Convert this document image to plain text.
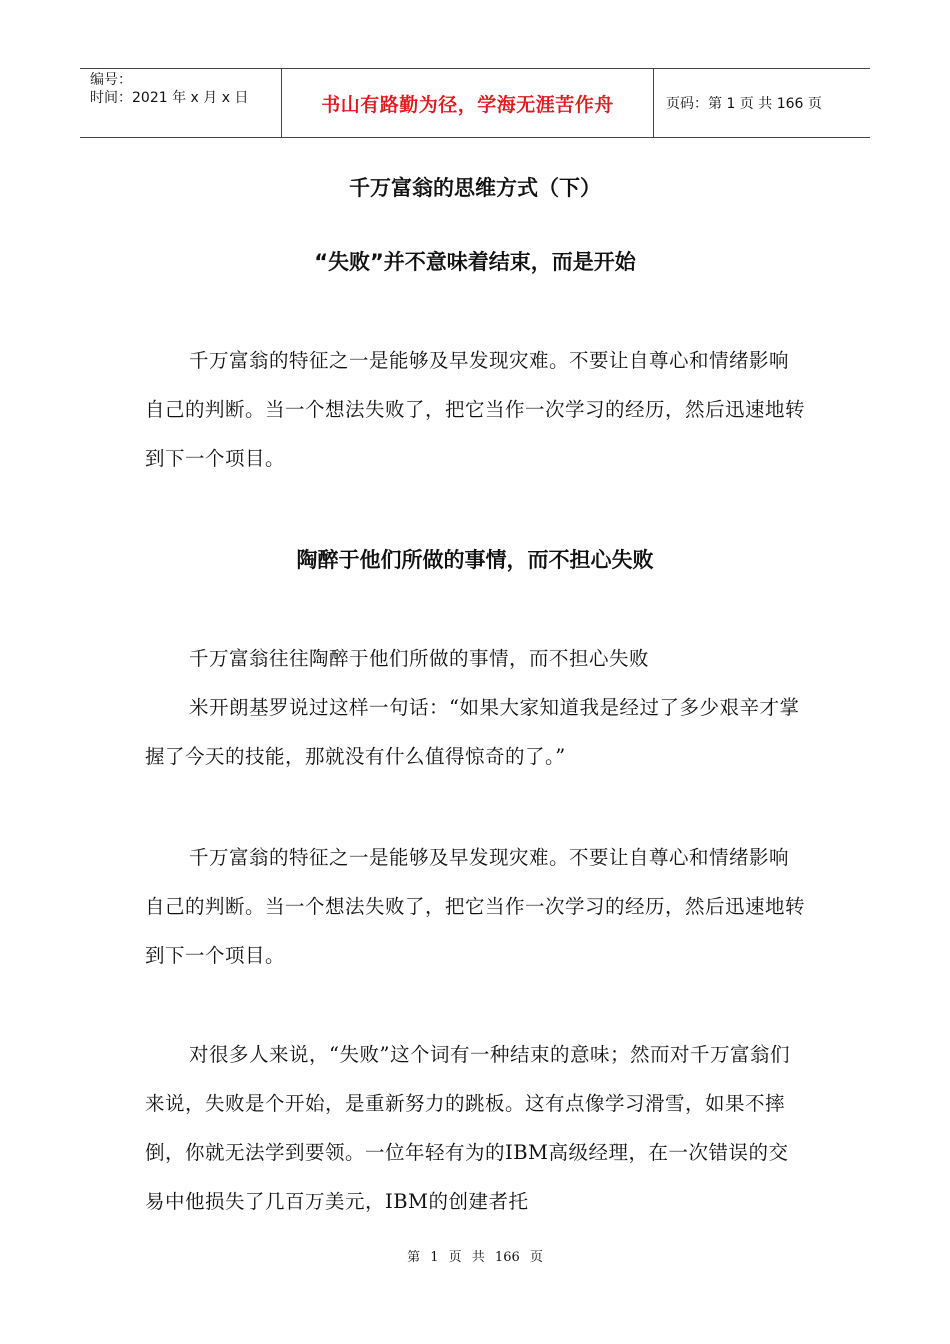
编号：
时间：2021 年 x 月 x 日	书山有路勤为径，学海无涯苦作舟	页码：第 1 页 共 166 页
千万富翁的思维方式（下）
“失败”并不意味着结束，而是开始

千万富翁的特征之一是能够及早发现灾难。不要让自尊心和情绪影响自己的判断。当一个想法失败了，把它当作一次学习的经历，然后迅速地转到下一个项目。

陶醉于他们所做的事情，而不担心失败

千万富翁往往陶醉于他们所做的事情，而不担心失败

米开朗基罗说过这样一句话：“如果大家知道我是经过了多少艰辛才掌握了今天的技能，那就没有什么值得惊奇的了。”

千万富翁的特征之一是能够及早发现灾难。不要让自尊心和情绪影响自己的判断。当一个想法失败了，把它当作一次学习的经历，然后迅速地转到下一个项目。

对很多人来说，“失败”这个词有一种结束的意味；然而对千万富翁们来说，失败是个开始，是重新努力的跳板。这有点像学习滑雪，如果不摔倒，你就无法学到要领。一位年轻有为的IBM高级经理，在一次错误的交易中他损失了几百万美元，IBM的创建者托

第 1 页 共 166 页
